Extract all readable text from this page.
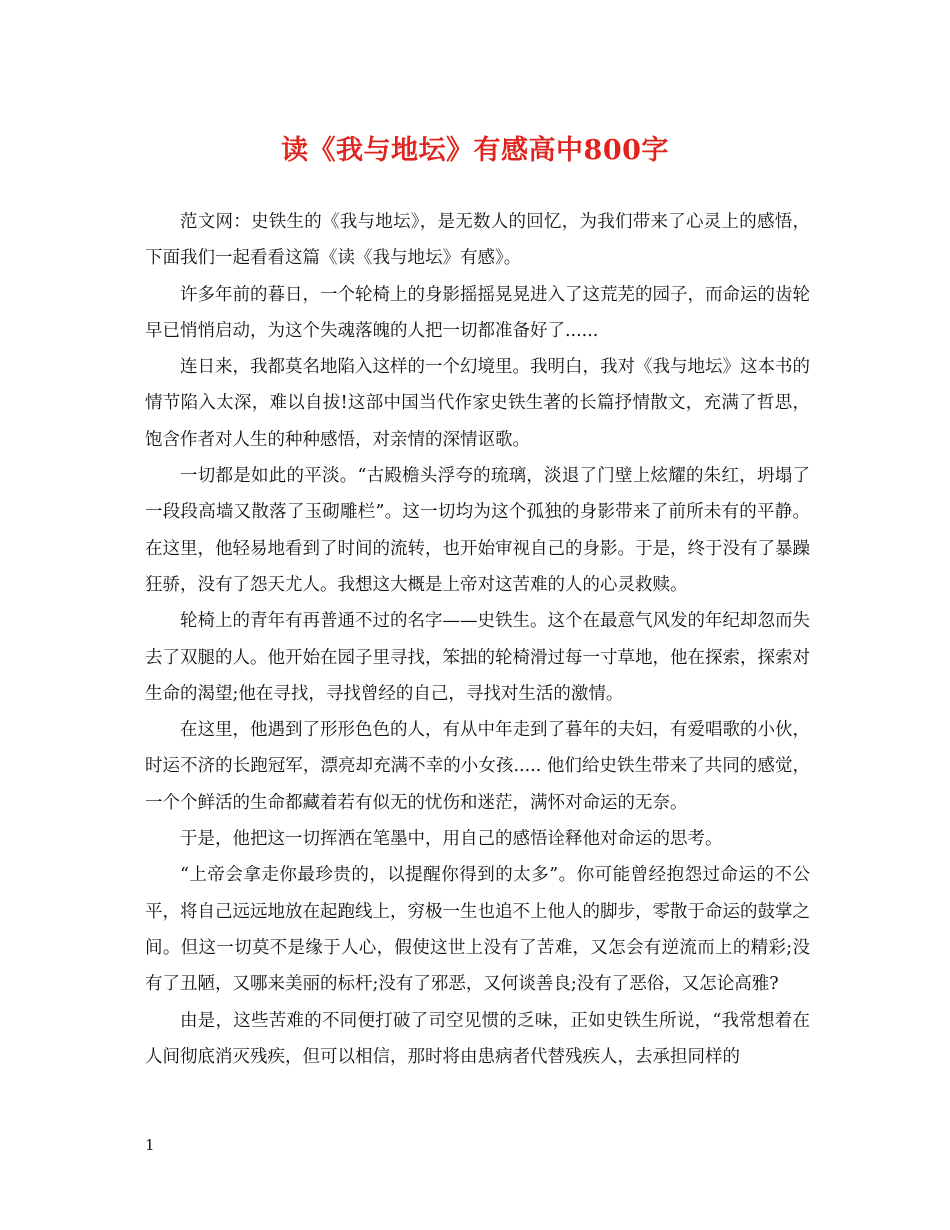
读《我与地坛》有感高中800字

范文网：史铁生的《我与地坛》，是无数人的回忆，为我们带来了心灵上的感悟，下面我们一起看看这篇《读《我与地坛》有感》。

许多年前的暮日，一个轮椅上的身影摇摇晃晃进入了这荒芜的园子，而命运的齿轮早已悄悄启动，为这个失魂落魄的人把一切都准备好了......

连日来，我都莫名地陷入这样的一个幻境里。我明白，我对《我与地坛》这本书的情节陷入太深，难以自拔!这部中国当代作家史铁生著的长篇抒情散文，充满了哲思，饱含作者对人生的种种感悟，对亲情的深情讴歌。

一切都是如此的平淡。“古殿檐头浮夸的琉璃，淡退了门壁上炫耀的朱红，坍塌了一段段高墙又散落了玉砌雕栏”。这一切均为这个孤独的身影带来了前所未有的平静。在这里，他轻易地看到了时间的流转，也开始审视自己的身影。于是，终于没有了暴躁狂骄，没有了怨天尤人。我想这大概是上帝对这苦难的人的心灵救赎。

轮椅上的青年有再普通不过的名字——史铁生。这个在最意气风发的年纪却忽而失去了双腿的人。他开始在园子里寻找，笨拙的轮椅滑过每一寸草地，他在探索，探索对生命的渴望;他在寻找，寻找曾经的自己，寻找对生活的激情。

在这里，他遇到了形形色色的人，有从中年走到了暮年的夫妇，有爱唱歌的小伙，时运不济的长跑冠军，漂亮却充满不幸的小女孩..... 他们给史铁生带来了共同的感觉，一个个鲜活的生命都藏着若有似无的忧伤和迷茫，满怀对命运的无奈。

于是，他把这一切挥洒在笔墨中，用自己的感悟诠释他对命运的思考。

“上帝会拿走你最珍贵的，以提醒你得到的太多”。你可能曾经抱怨过命运的不公平，将自己远远地放在起跑线上，穷极一生也追不上他人的脚步，零散于命运的鼓掌之间。但这一切莫不是缘于人心，假使这世上没有了苦难，又怎会有逆流而上的精彩;没有了丑陋，又哪来美丽的标杆;没有了邪恶，又何谈善良;没有了恶俗，又怎论高雅?

由是，这些苦难的不同便打破了司空见惯的乏味，正如史铁生所说，“我常想着在人间彻底消灭残疾，但可以相信，那时将由患病者代替残疾人，去承担同样的

1
